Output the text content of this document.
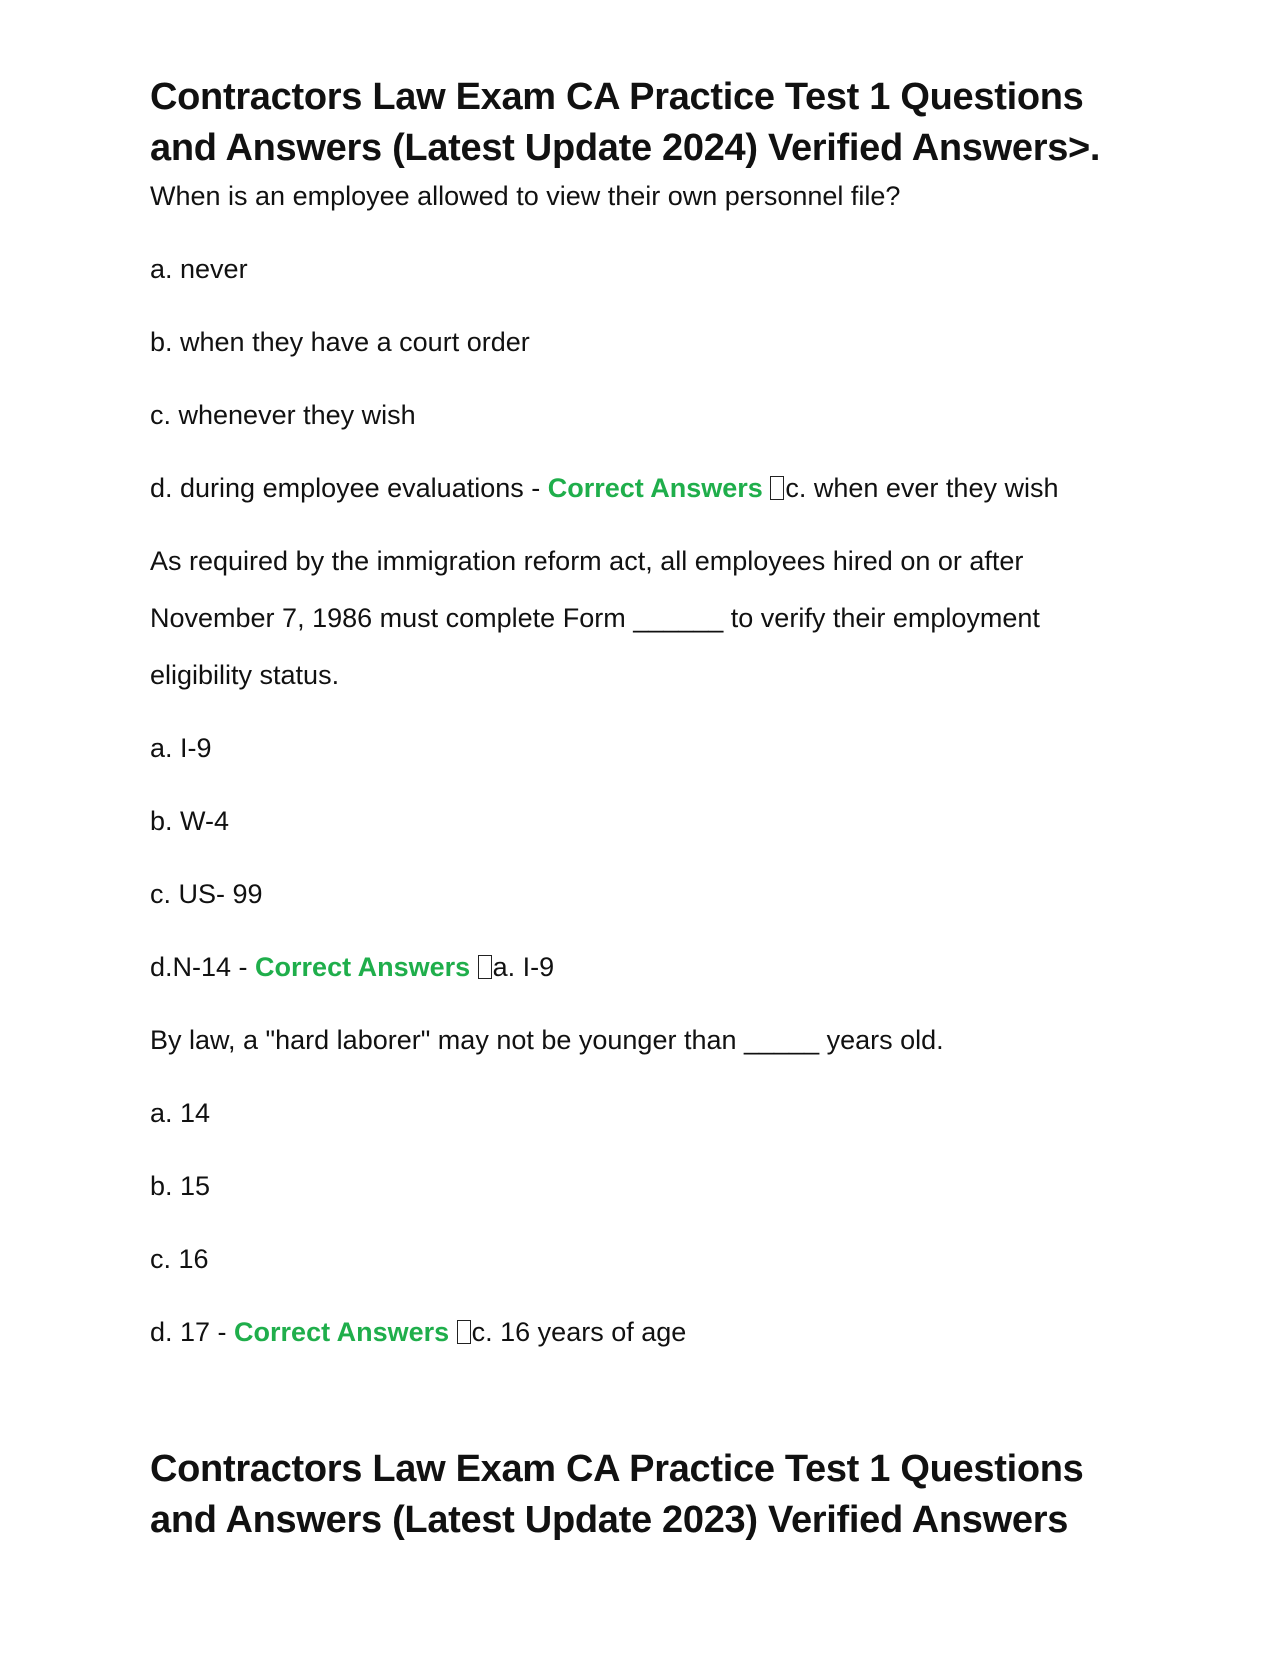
Contractors Law Exam CA Practice Test 1 Questions and Answers (Latest Update 2024) Verified Answers>.
When is an employee allowed to view their own personnel file?
a. never
b. when they have a court order
c. whenever they wish
d. during employee evaluations - Correct Answers c. when ever they wish
As required by the immigration reform act, all employees hired on or after
November 7, 1986 must complete Form ______ to verify their employment
eligibility status.
a. I-9
b. W-4
c. US- 99
d.N-14 - Correct Answers a. I-9
By law, a "hard laborer" may not be younger than _____ years old.
a. 14
b. 15
c. 16
d. 17 - Correct Answers c. 16 years of age
Contractors Law Exam CA Practice Test 1 Questions and Answers (Latest Update 2023) Verified Answers
